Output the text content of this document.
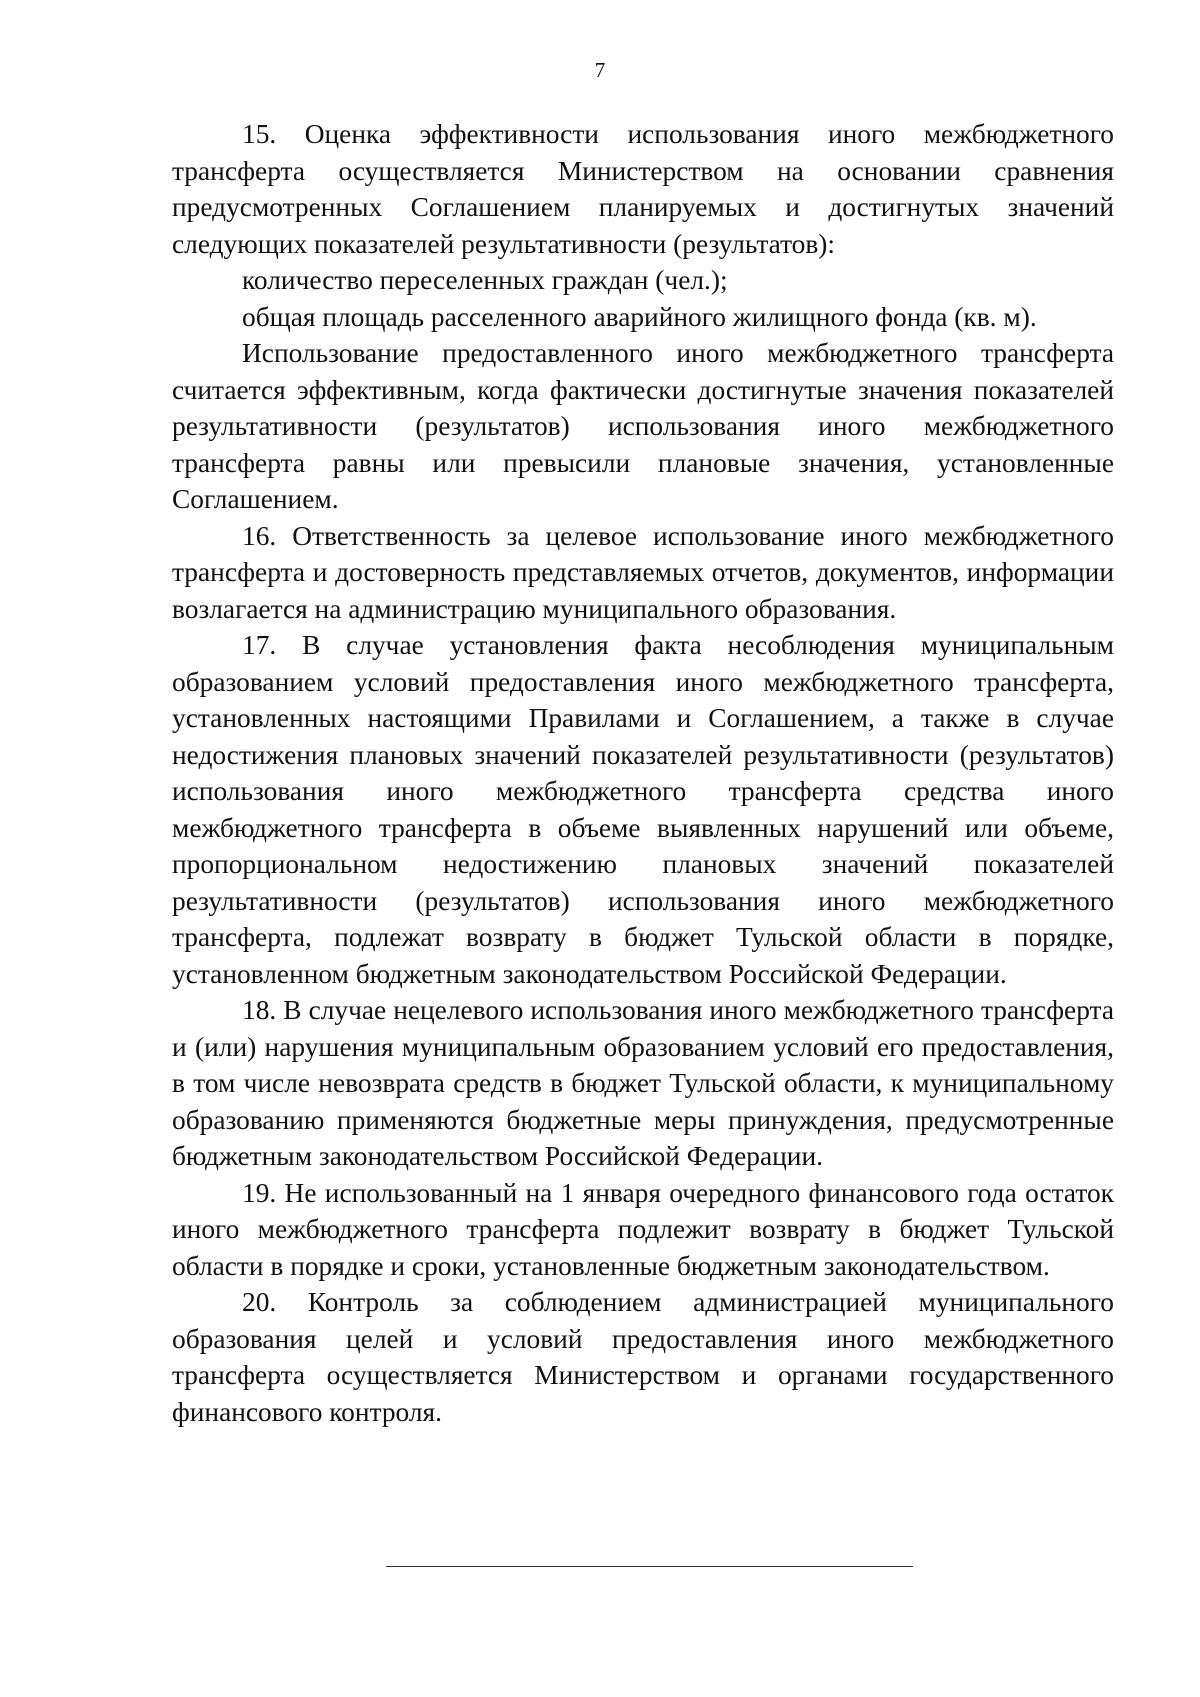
7

15. Оценка эффективности использования иного межбюджетного трансферта осуществляется Министерством на основании сравнения предусмотренных Соглашением планируемых и достигнутых значений следующих показателей результативности (результатов):

количество переселенных граждан (чел.);

общая площадь расселенного аварийного жилищного фонда (кв. м).

Использование предоставленного иного межбюджетного трансферта считается эффективным, когда фактически достигнутые значения показателей результативности (результатов) использования иного межбюджетного трансферта равны или превысили плановые значения, установленные Соглашением.

16. Ответственность за целевое использование иного межбюджетного трансферта и достоверность представляемых отчетов, документов, информации возлагается на администрацию муниципального образования.

17. В случае установления факта несоблюдения муниципальным образованием условий предоставления иного межбюджетного трансферта, установленных настоящими Правилами и Соглашением, а также в случае недостижения плановых значений показателей результативности (результатов) использования иного межбюджетного трансферта средства иного межбюджетного трансферта в объеме выявленных нарушений или объеме, пропорциональном недостижению плановых значений показателей результативности (результатов) использования иного межбюджетного трансферта, подлежат возврату в бюджет Тульской области в порядке, установленном бюджетным законодательством Российской Федерации.

18. В случае нецелевого использования иного межбюджетного трансферта и (или) нарушения муниципальным образованием условий его предоставления, в том числе невозврата средств в бюджет Тульской области, к муниципальному образованию применяются бюджетные меры принуждения, предусмотренные бюджетным законодательством Российской Федерации.

19. Не использованный на 1 января очередного финансового года остаток иного межбюджетного трансферта подлежит возврату в бюджет Тульской области в порядке и сроки, установленные бюджетным законодательством.

20. Контроль за соблюдением администрацией муниципального образования целей и условий предоставления иного межбюджетного трансферта осуществляется Министерством и органами государственного финансового контроля.
